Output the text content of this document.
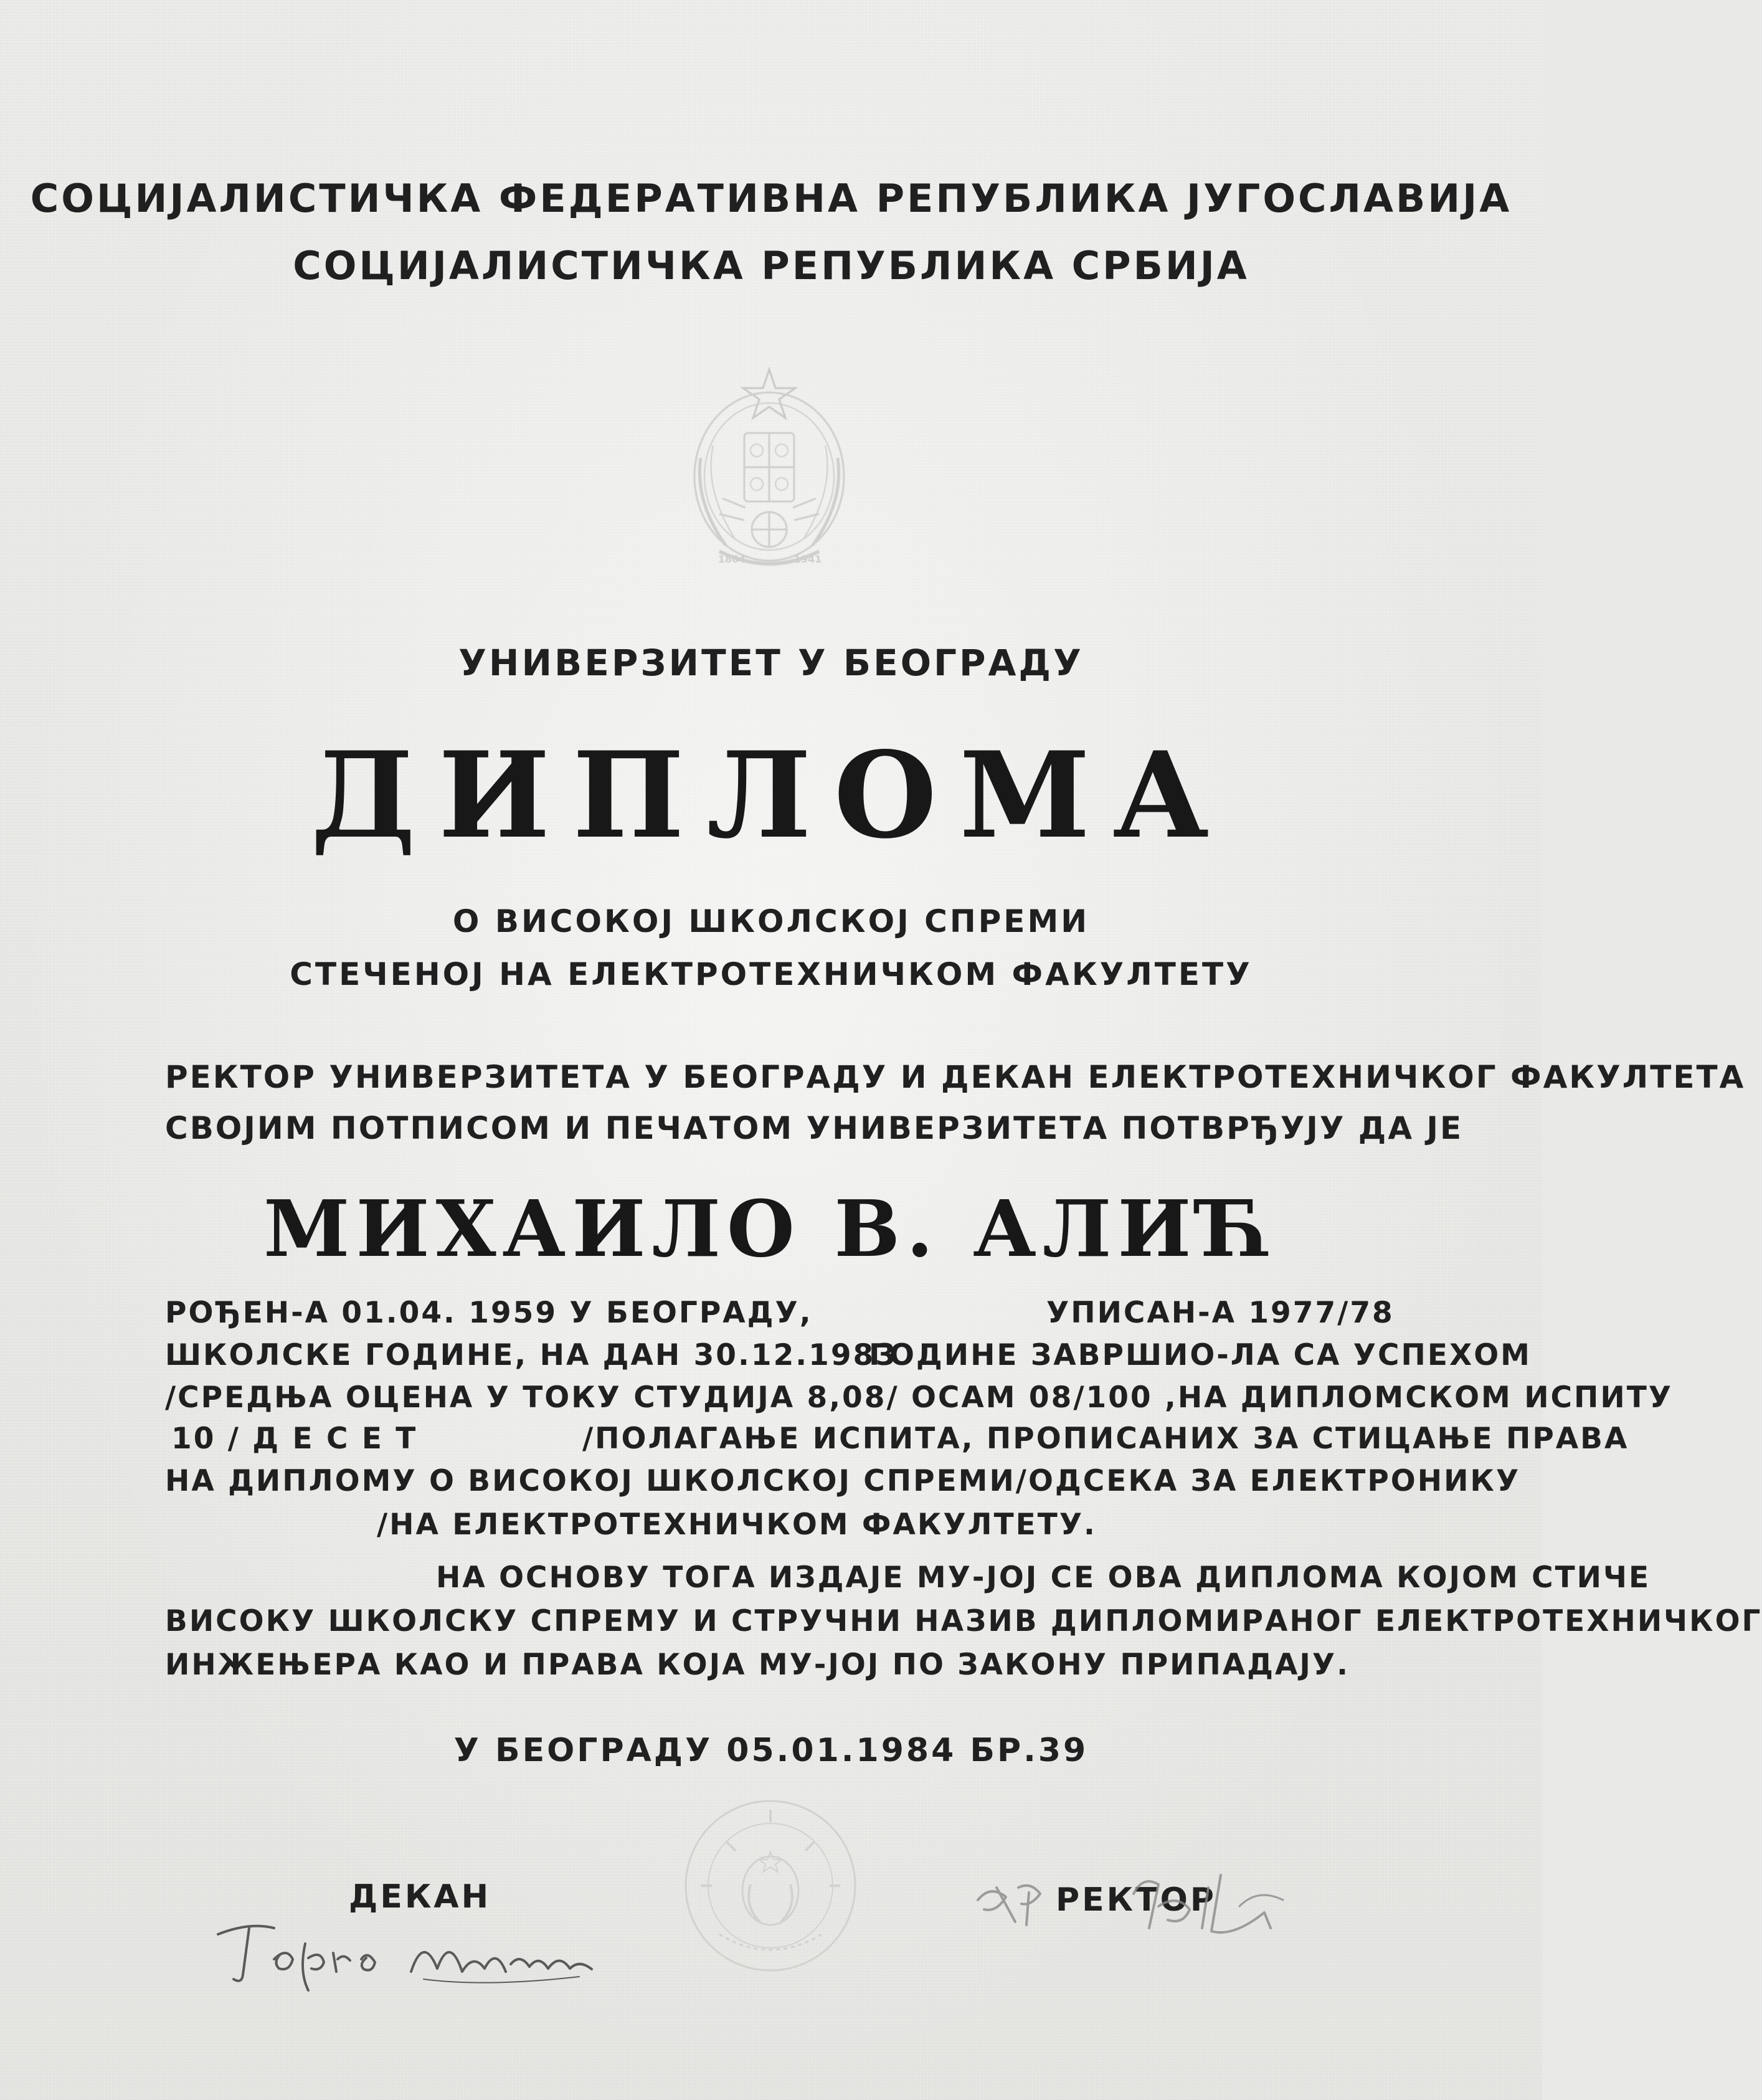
СОЦИЈАЛИСТИЧКА ФЕДЕРАТИВНА РЕПУБЛИКА ЈУГОСЛАВИЈА

СОЦИЈАЛИСТИЧКА РЕПУБЛИКА СРБИЈА

1804	1941

УНИВЕРЗИТЕТ У БЕОГРАДУ

ДИПЛОМА

О ВИСОКОЈ ШКОЛСКОЈ СПРЕМИ

СТЕЧЕНОЈ НА ЕЛЕКТРОТЕХНИЧКОМ ФАКУЛТЕТУ

РЕКТОР УНИВЕРЗИТЕТА У БЕОГРАДУ И ДЕКАН ЕЛЕКТРОТЕХНИЧКОГ ФАКУЛТЕТА

СВОЈИМ ПОТПИСОМ И ПЕЧАТОМ УНИВЕРЗИТЕТА ПОТВРЂУЈУ ДА ЈЕ

МИХАИЛО В. АЛИЋ

РОЂЕН-А 01.04. 1959 У БЕОГРАДУ,	УПИСАН-А 1977/78

ШКОЛСКЕ ГОДИНЕ, НА ДАН 30.12.1983

ГОДИНЕ ЗАВРШИО-ЛА СА УСПЕХОМ

/СРЕДЊА ОЦЕНА У ТОКУ СТУДИЈА 8,08/ ОСАМ 08/100 ,НА ДИПЛОМСКОМ ИСПИТУ

10 / Д Е С Е Т	/ПОЛАГАЊЕ ИСПИТА, ПРОПИСАНИХ ЗА СТИЦАЊЕ ПРАВА

НА ДИПЛОМУ О ВИСОКОЈ ШКОЛСКОЈ СПРЕМИ/ОДСЕКА ЗА ЕЛЕКТРОНИКУ

/НА ЕЛЕКТРОТЕХНИЧКОМ ФАКУЛТЕТУ.

НА ОСНОВУ ТОГА ИЗДАЈЕ МУ-ЈОЈ СЕ ОВА ДИПЛОМА КОЈОМ СТИЧЕ

ВИСОКУ ШКОЛСКУ СПРЕМУ И СТРУЧНИ НАЗИВ ДИПЛОМИРАНОГ ЕЛЕКТРОТЕХНИЧКОГ

ИНЖЕЊЕРА КАО И ПРАВА КОЈА МУ-ЈОЈ ПО ЗАКОНУ ПРИПАДАЈУ.

У БЕОГРАДУ 05.01.1984 БР.39

ДЕКАН	РЕКТОР
